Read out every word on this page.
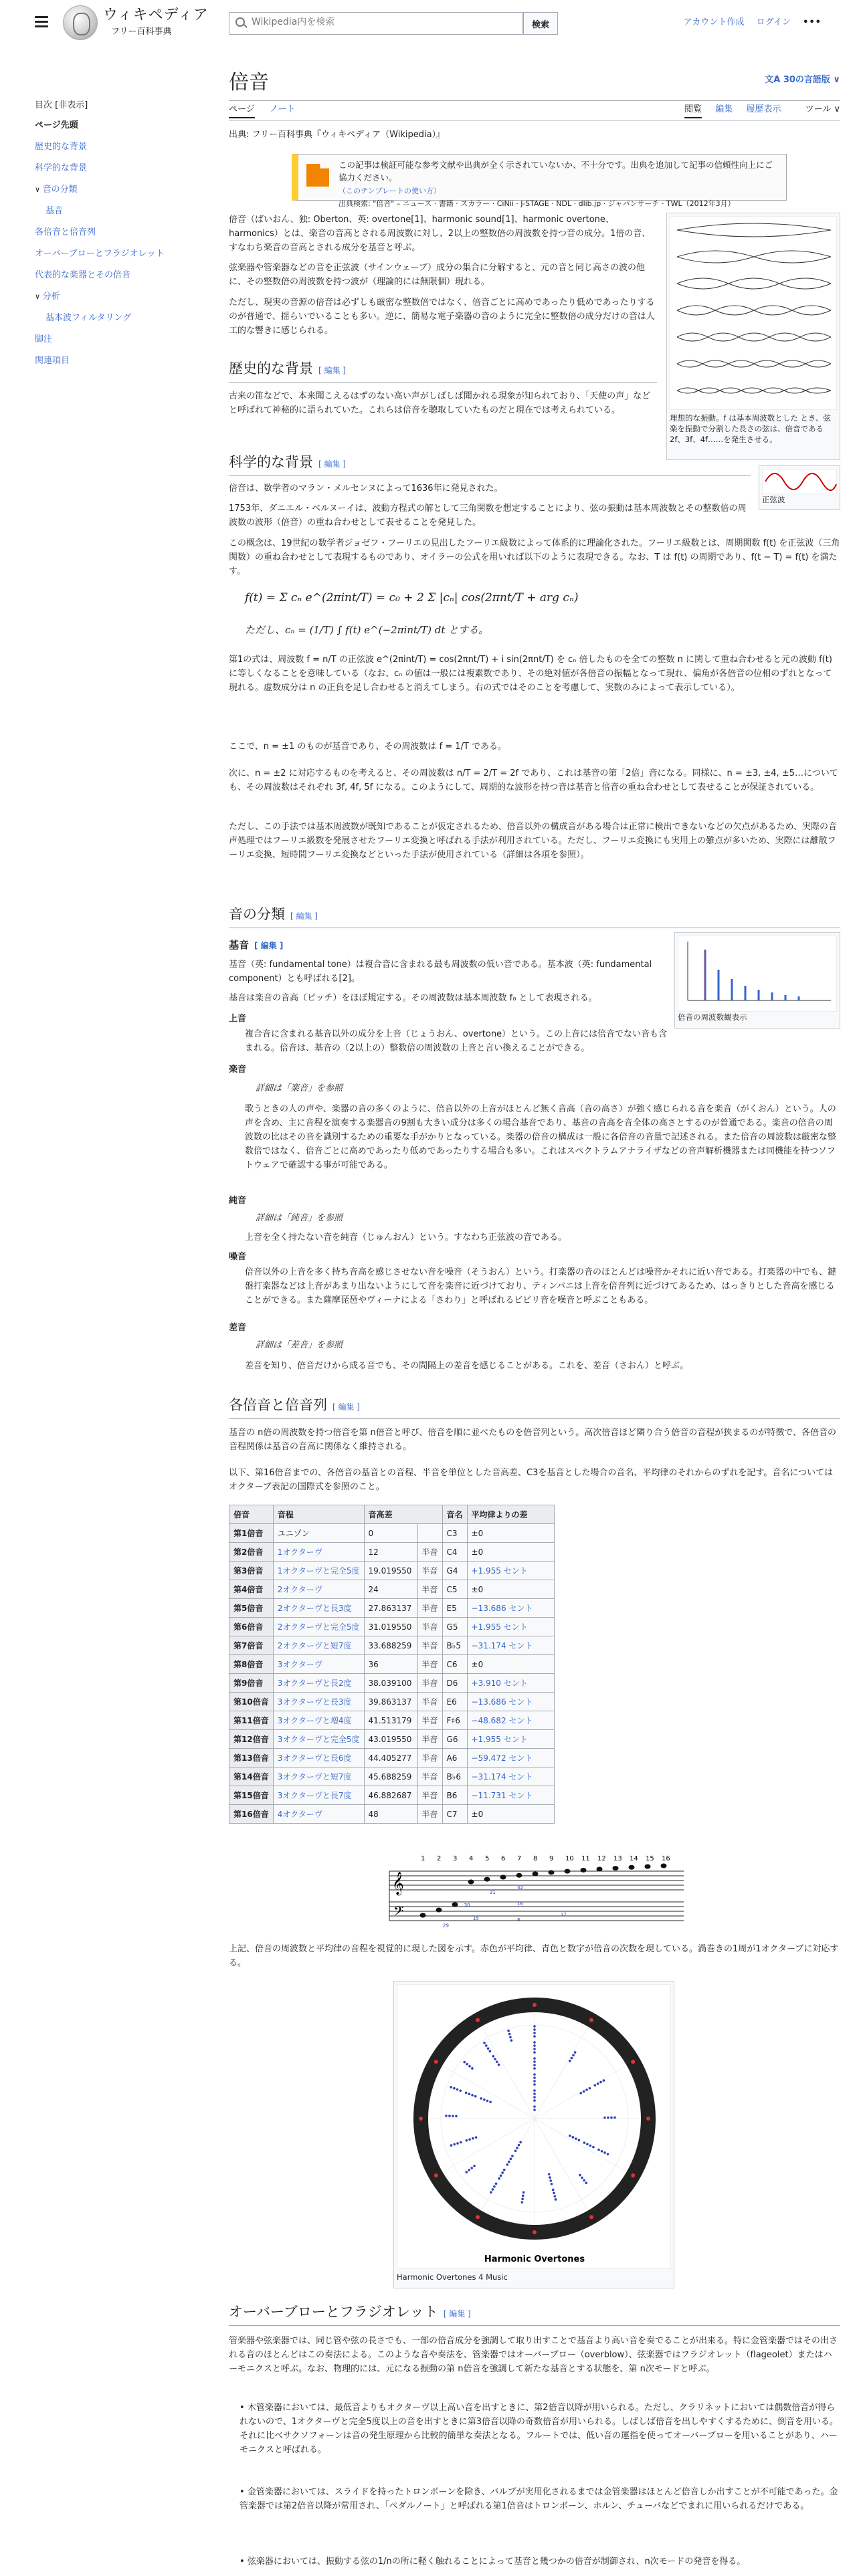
ウィキペディア
フリー百科事典
Wikipedia内を検索
検索	アカウント作成 ログイン •••
目次 [非表示]
ページ先頭
歴史的な背景
科学的な背景
∨ 音の分類
基音
各倍音と倍音列
オーバーブローとフラジオレット
代表的な楽器とその倍音
∨ 分析
基本波フィルタリング
脚注
関連項目
倍音	文A 30の言語版 ∨
ページ ノート	閲覧 編集 履歴表示	ツール ∨
出典: フリー百科事典『ウィキペディア（Wikipedia）』
この記事は検証可能な参考文献や出典が全く示されていないか、不十分です。出典を追加して記事の信頼性向上にご協力ください。
（このテンプレートの使い方）
出典検索: "倍音" – ニュース · 書籍 · スカラー · CiNii · J-STAGE · NDL · dlib.jp · ジャパンサーチ · TWL（2012年3月）
理想的な振動。f は基本周波数とした とき、弦楽を振動で分割した長さの弦は、倍音である2f、3f、4f……を発生させる。
倍音（ばいおん、独: Oberton、英: overtone[1]、harmonic sound[1]、harmonic overtone、harmonics）とは、楽音の音高とされる周波数に対し、2以上の整数倍の周波数を持つ音の成分。1倍の音、すなわち楽音の音高とされる成分を基音と呼ぶ。
弦楽器や管楽器などの音を正弦波（サインウェーブ）成分の集合に分解すると、元の音と同じ高さの波の他に、その整数倍の周波数を持つ波が（理論的には無限個）現れる。
ただし、現実の音源の倍音は必ずしも厳密な整数倍ではなく、倍音ごとに高めであったり低めであったりするのが普通で、揺らいでいることも多い。逆に、簡易な電子楽器の音のように完全に整数倍の成分だけの音は人工的な響きに感じられる。
歴史的な背景 [ 編集 ]
古来の笛などで、本来聞こえるはずのない高い声がしばしば聞かれる現象が知られており、「天使の声」などと呼ばれて神秘的に語られていた。これらは倍音を聴取していたものだと現在では考えられている。
科学的な背景 [ 編集 ]
正弦波
倍音は、数学者のマラン・メルセンヌによって1636年に発見された。
1753年、ダニエル・ベルヌーイは、波動方程式の解として三角関数を想定することにより、弦の振動は基本周波数とその整数倍の周波数の波形（倍音）の重ね合わせとして表せることを発見した。
この概念は、19世紀の数学者ジョゼフ・フーリエの見出したフーリエ級数によって体系的に理論化された。フーリエ級数とは、周期関数 f(t) を正弦波（三角関数）の重ね合わせとして表現するものであり、オイラーの公式を用いれば以下のように表現できる。なお、T は f(t) の周期であり、f(t − T) = f(t) を満たす。
f(t) = Σ cₙ e^(2πint/T) = c₀ + 2 Σ |cₙ| cos(2πnt/T + arg cₙ)
ただし、cₙ = (1/T) ∫ f(t) e^(−2πint/T) dt とする。
第1の式は、周波数 f = n/T の正弦波 e^(2πint/T) = cos(2πnt/T) + i sin(2πnt/T) を cₙ 倍したものを全ての整数 n に関して重ね合わせると元の波動 f(t) に等しくなることを意味している（なお、cₙ の値は一般には複素数であり、その絶対値が各倍音の振幅となって現れ、偏角が各倍音の位相のずれとなって現れる。虚数成分は n の正負を足し合わせると消えてしまう。右の式ではそのことを考慮して、実数のみによって表示している）。
ここで、n = ±1 のものが基音であり、その周波数は f = 1/T である。
次に、n = ±2 に対応するものを考えると、その周波数は n/T = 2/T = 2f であり、これは基音の第「2倍」音になる。同様に、n = ±3, ±4, ±5…についても、その周波数はそれぞれ 3f, 4f, 5f になる。このようにして、周期的な波形を持つ音は基音と倍音の重ね合わせとして表せることが保証されている。
ただし、この手法では基本周波数が既知であることが仮定されるため、倍音以外の構成音がある場合は正常に検出できないなどの欠点があるため、実際の音声処理ではフーリエ級数を発展させたフーリエ変換と呼ばれる手法が利用されている。ただし、フーリエ変換にも実用上の難点が多いため、実際には離散フーリエ変換、短時間フーリエ変換などといった手法が使用されている（詳細は各項を参照）。
音の分類 [ 編集 ]
基音 [ 編集 ]
倍音の周波数観表示
基音（英: fundamental tone）は複合音に含まれる最も周波数の低い音である。基本波（英: fundamental component）とも呼ばれる[2]。
基音は楽音の音高（ピッチ）をほぼ規定する。その周波数は基本周波数 f₀ として表現される。
上音
複合音に含まれる基音以外の成分を上音（じょうおん、overtone）という。この上音には倍音でない音も含まれる。倍音は、基音の（2以上の）整数倍の周波数の上音と言い換えることができる。
楽音
詳細は「楽音」を参照
歌うときの人の声や、楽器の音の多くのように、倍音以外の上音がほとんど無く音高（音の高さ）が強く感じられる音を楽音（がくおん）という。人の声を含め、主に音程を演奏する楽器音の9割も大きい成分は多くの場合基音であり、基音の音高を音全体の高さとするのが普通である。楽音の倍音の周波数の比はその音を識別するための重要な手がかりとなっている。楽器の倍音の構成は一般に各倍音の音量で記述される。また倍音の周波数は厳密な整数倍ではなく、倍音ごとに高めであったり低めであったりする場合も多い。これはスペクトラムアナライザなどの音声解析機器または同機能を持つソフトウェアで確認する事が可能である。
純音
詳細は「純音」を参照
上音を全く持たない音を純音（じゅんおん）という。すなわち正弦波の音である。
噪音
倍音以外の上音を多く持ち音高を感じさせない音を噪音（そうおん）という。打楽器の音のほとんどは噪音かそれに近い音である。打楽器の中でも、鍵盤打楽器などは上音があまり出ないようにして音を楽音に近づけており、ティンパニは上音を倍音列に近づけてあるため、はっきりとした音高を感じることができる。また薩摩琵琶やヴィーナによる「さわり」と呼ばれるビビリ音を噪音と呼ぶこともある。
差音
詳細は「差音」を参照
差音を知り、倍音だけから成る音でも、その間隔上の差音を感じることがある。これを、差音（さおん）と呼ぶ。
各倍音と倍音列 [ 編集 ]
基音の n倍の周波数を持つ倍音を第 n倍音と呼び、倍音を順に並べたものを倍音列という。高次倍音ほど隣り合う倍音の音程が狭まるのが特徴で、各倍音の音程関係は基音の音高に関係なく維持される。
以下、第16倍音までの、各倍音の基音との音程、半音を単位とした音高差、C3を基音とした場合の音名、平均律のそれからのずれを記す。音名についてはオクターブ表記の国際式を参照のこと。
倍音	音程	音高差		音名	平均律よりの差
第1倍音	ユニゾン	0		C3	±0
第2倍音	1オクターヴ	12	半音	C4	±0
第3倍音	1オクターヴと完全5度	19.019550	半音	G4	+1.955 セント
第4倍音	2オクターヴ	24	半音	C5	±0
第5倍音	2オクターヴと長3度	27.863137	半音	E5	−13.686 セント
第6倍音	2オクターヴと完全5度	31.019550	半音	G5	+1.955 セント
第7倍音	2オクターヴと短7度	33.688259	半音	B♭5	−31.174 セント
第8倍音	3オクターヴ	36	半音	C6	±0
第9倍音	3オクターヴと長2度	38.039100	半音	D6	+3.910 セント
第10倍音	3オクターヴと長3度	39.863137	半音	E6	−13.686 セント
第11倍音	3オクターヴと増4度	41.513179	半音	F♯6	−48.682 セント
第12倍音	3オクターヴと完全5度	43.019550	半音	G6	+1.955 セント
第13倍音	3オクターヴと長6度	44.405277	半音	A6	−59.472 セント
第14倍音	3オクターヴと短7度	45.688259	半音	B♭6	−31.174 セント
第15倍音	3オクターヴと長7度	46.882687	半音	B6	−11.731 セント
第16倍音	4オクターヴ	48	半音	C7	±0
𝄞
𝄢
1 2 3 4 5 6 7 8 9 10 11 12 13 14 15 16
8
15
16
17
29
30
31
32
上記、倍音の周波数と平均律の音程を視覚的に現した図を示す。赤色が平均律、青色と数字が倍音の次数を現している。渦巻きの1周が1オクターブに対応する。
Harmonic Overtones
Harmonic Overtones 4 Music
オーバーブローとフラジオレット [ 編集 ]
管楽器や弦楽器では、同じ管や弦の長さでも、一部の倍音成分を強調して取り出すことで基音より高い音を奏でることが出来る。特に金管楽器ではその出される音のほとんどはこの奏法による。このような音や奏法を、管楽器ではオーバーブロー（overblow）、弦楽器ではフラジオレット（flageolet）またはハーモニクスと呼ぶ。なお、物理的には、元になる振動の第 n倍音を強調して新たな基音とする状態を、第 n次モードと呼ぶ。
• 木管楽器においては、最低音よりもオクターヴ以上高い音を出すときに、第2倍音以降が用いられる。ただし、クラリネットにおいては偶数倍音が得られないので、1オクターヴと完全5度以上の音を出すときに第3倍音以降の奇数倍音が用いられる。しばしば倍音を出しやすくするために、倒音を用いる。それに比べサクソフォーンは音の発生原理から比較的簡単な奏法となる。フルートでは、低い音の運指を使ってオーバーブローを用いることがあり、ハーモニクスと呼ばれる。
• 金管楽器においては、スライドを持ったトロンボーンを除き、バルブが実用化されるまでは金管楽器はほとんど倍音しか出すことが不可能であった。金管楽器では第2倍音以降が常用され、「ペダルノート」と呼ばれる第1倍音はトロンボーン、ホルン、チューバなどでまれに用いられるだけである。
• 弦楽器においては、振動する弦の1/nの所に軽く触れることによって基音と幾つかの倍音が制御され、n次モードの発音を得る。
